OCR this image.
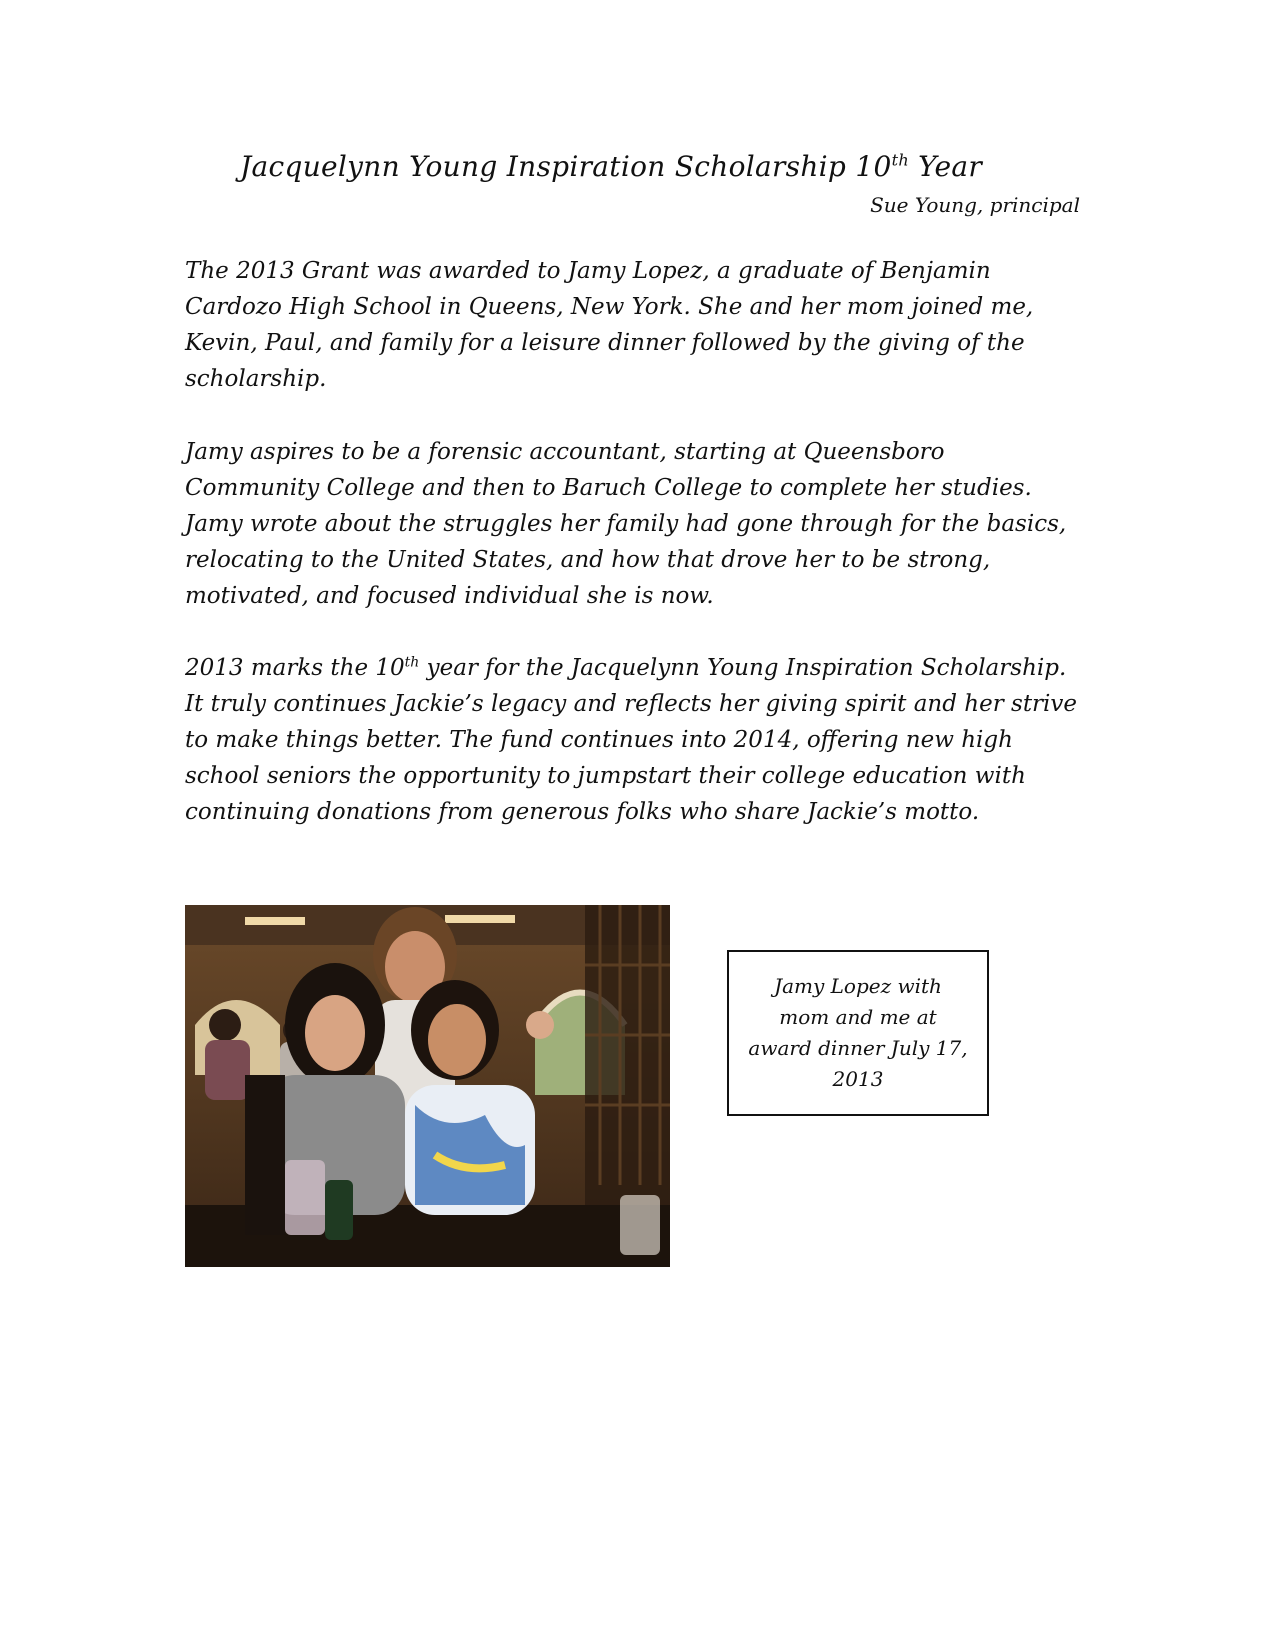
Jacquelynn Young Inspiration Scholarship 10th Year
Sue Young, principal
The 2013 Grant was awarded to Jamy Lopez, a graduate of Benjamin Cardozo High School in Queens, New York. She and her mom joined me, Kevin, Paul, and family for a leisure dinner followed by the giving of the scholarship.
Jamy aspires to be a forensic accountant, starting at Queensboro Community College and then to Baruch College to complete her studies. Jamy wrote about the struggles her family had gone through for the basics, relocating to the United States, and how that drove her to be strong, motivated, and focused individual she is now.
2013 marks the 10th year for the Jacquelynn Young Inspiration Scholarship. It truly continues Jackie’s legacy and reflects her giving spirit and her strive to make things better. The fund continues into 2014, offering new high school seniors the opportunity to jumpstart their college education with continuing donations from generous folks who share Jackie’s motto.
Jamy Lopez with mom and me at award dinner July 17, 2013
